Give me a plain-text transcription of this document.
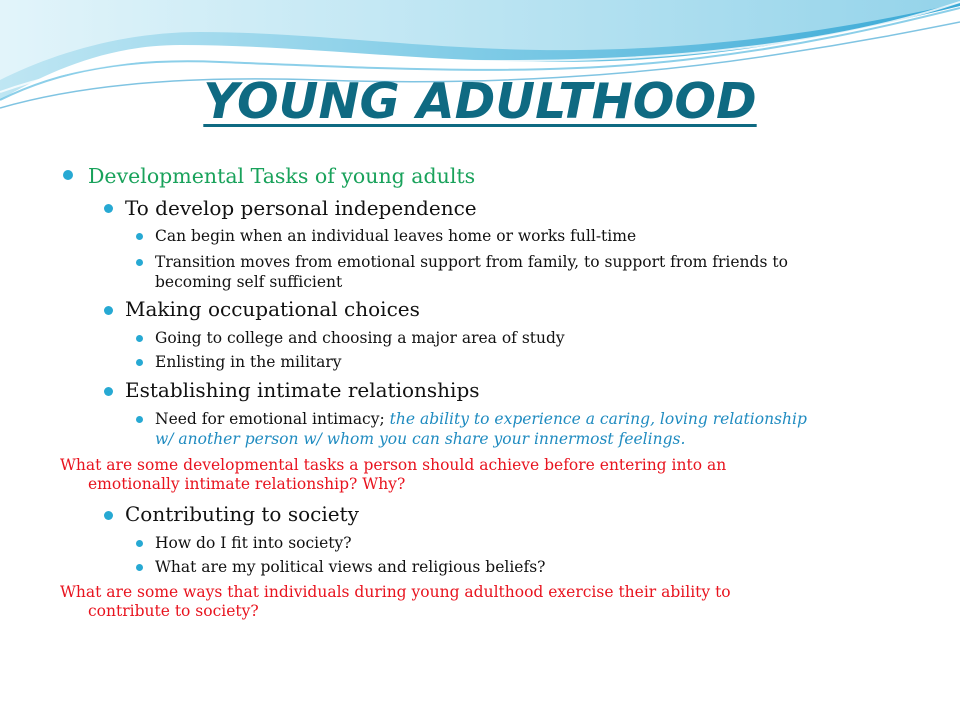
YOUNG ADULTHOOD

Developmental Tasks of young adults

To develop personal independence

Can begin when an individual leaves home or works full-time

Transition moves from emotional support from family, to support from friends to

becoming self sufficient

Making occupational choices

Going to college and choosing a major area of study

Enlisting in the military

Establishing intimate relationships

Need for emotional intimacy; the ability to experience a caring, loving relationship

w/ another person w/ whom you can share your innermost feelings.

What are some developmental tasks a person should achieve before entering into an
emotionally intimate relationship? Why?

Contributing to society

How do I fit into society?

What are my political views and religious beliefs?

What are some ways that individuals during young adulthood exercise their ability to
contribute to society?
